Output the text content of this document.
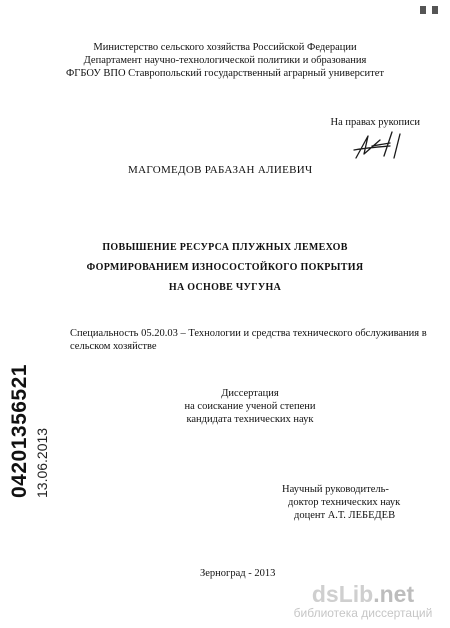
Министерство сельского хозяйства Российской Федерации
Департамент научно-технологической политики и образования
ФГБОУ ВПО Ставропольский государственный аграрный университет
На правах рукописи
МАГОМЕДОВ РАБАЗАН АЛИЕВИЧ
ПОВЫШЕНИЕ РЕСУРСА ПЛУЖНЫХ ЛЕМЕХОВ
ФОРМИРОВАНИЕМ ИЗНОСОСТОЙКОГО ПОКРЫТИЯ
НА ОСНОВЕ ЧУГУНА
Специальность 05.20.03 – Технологии и средства технического обслуживания в сельском хозяйстве
Диссертация
на соискание ученой степени
кандидата технических наук
Научный руководитель-
доктор технических наук
доцент А.Т. ЛЕБЕДЕВ
Зерноград - 2013
04201356521 13.06.2013
dsLib.net
библиотека диссертаций
